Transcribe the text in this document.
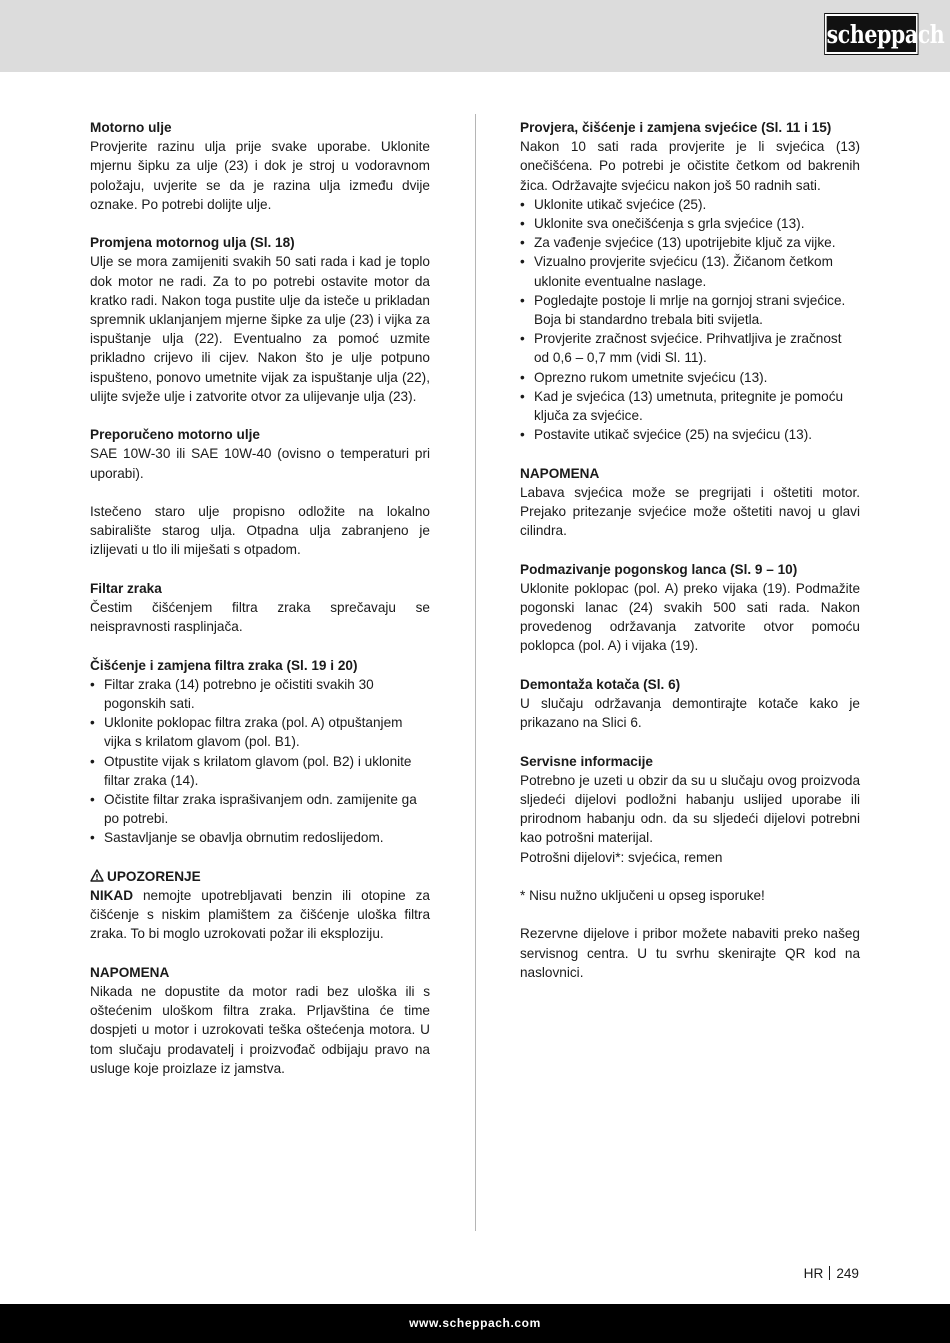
scheppach
Motorno ulje

Provjerite razinu ulja prije svake uporabe. Uklonite mjernu šipku za ulje (23) i dok je stroj u vodoravnom položaju, uvjerite se da je razina ulja između dvije oznake. Po potrebi dolijte ulje.

Promjena motornog ulja (Sl. 18)

Ulje se mora zamijeniti svakih 50 sati rada i kad je toplo dok motor ne radi. Za to po potrebi ostavite motor da kratko radi. Nakon toga pustite ulje da isteče u prikladan spremnik uklanjanjem mjerne šipke za ulje (23) i vijka za ispuštanje ulja (22). Eventualno za pomoć uzmite prikladno crijevo ili cijev. Nakon što je ulje potpuno ispušteno, ponovo umetnite vijak za ispuštanje ulja (22), ulijte svježe ulje i zatvorite otvor za ulijevanje ulja (23).

Preporučeno motorno ulje

SAE 10W-30 ili SAE 10W-40 (ovisno o temperaturi pri uporabi).

Istečeno staro ulje propisno odložite na lokalno sabiralište starog ulja. Otpadna ulja zabranjeno je izlijevati u tlo ili miješati s otpadom.

Filtar zraka

Čestim čišćenjem filtra zraka sprečavaju se neispravnosti rasplinjača.

Čišćenje i zamjena filtra zraka (Sl. 19 i 20)
• Filtar zraka (14) potrebno je očistiti svakih 30 pogonskih sati.
• Uklonite poklopac filtra zraka (pol. A) otpuštanjem vijka s krilatom glavom (pol. B1).
• Otpustite vijak s krilatom glavom (pol. B2) i uklonite filtar zraka (14).
• Očistite filtar zraka isprašivanjem odn. zamijenite ga po potrebi.
• Sastavljanje se obavlja obrnutim redoslijedom.
UPOZORENJE

NIKAD nemojte upotrebljavati benzin ili otopine za čišćenje s niskim plamištem za čišćenje uloška filtra zraka. To bi moglo uzrokovati požar ili eksploziju.

NAPOMENA

Nikada ne dopustite da motor radi bez uloška ili s oštećenim uloškom filtra zraka. Prljavština će time dospjeti u motor i uzrokovati teška oštećenja motora. U tom slučaju prodavatelj i proizvođač odbijaju pravo na usluge koje proizlaze iz jamstva.

Provjera, čišćenje i zamjena svjećice (Sl. 11 i 15)

Nakon 10 sati rada provjerite je li svjećica (13) onečišćena. Po potrebi je očistite četkom od bakrenih žica. Održavajte svjećicu nakon još 50 radnih sati.

• Uklonite utikač svjećice (25).
• Uklonite sva onečišćenja s grla svjećice (13).
• Za vađenje svjećice (13) upotrijebite ključ za vijke.
• Vizualno provjerite svjećicu (13). Žičanom četkom uklonite eventualne naslage.
• Pogledajte postoje li mrlje na gornjoj strani svjećice. Boja bi standardno trebala biti svijetla.
• Provjerite zračnost svjećice. Prihvatljiva je zračnost od 0,6 – 0,7 mm (vidi Sl. 11).
• Oprezno rukom umetnite svjećicu (13).
• Kad je svjećica (13) umetnuta, pritegnite je pomoću ključa za svjećice.
• Postavite utikač svjećice (25) na svjećicu (13).
NAPOMENA

Labava svjećica može se pregrijati i oštetiti motor. Prejako pritezanje svjećice može oštetiti navoj u glavi cilindra.

Podmazivanje pogonskog lanca (Sl. 9 – 10)

Uklonite poklopac (pol. A) preko vijaka (19). Podmažite pogonski lanac (24) svakih 500 sati rada. Nakon provedenog održavanja zatvorite otvor pomoću poklopca (pol. A) i vijaka (19).

Demontaža kotača (Sl. 6)

U slučaju održavanja demontirajte kotače kako je prikazano na Slici 6.

Servisne informacije

Potrebno je uzeti u obzir da su u slučaju ovog proizvoda sljedeći dijelovi podložni habanju uslijed uporabe ili prirodnom habanju odn. da su sljedeći dijelovi potrebni kao potrošni materijal.

Potrošni dijelovi*: svjećica, remen

* Nisu nužno uključeni u opseg isporuke!

Rezervne dijelove i pribor možete nabaviti preko našeg servisnog centra. U tu svrhu skenirajte QR kod na naslovnici.

HR 249
www.scheppach.com
